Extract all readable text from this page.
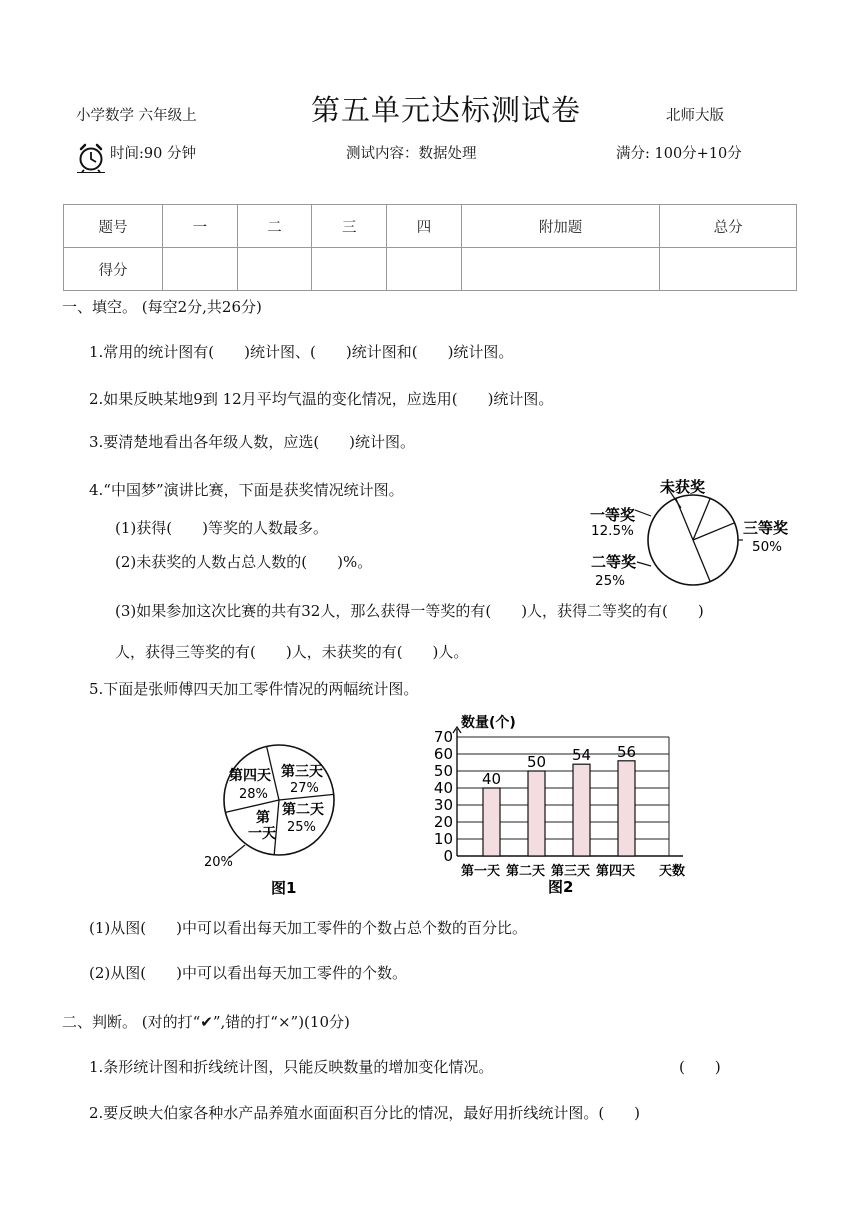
小学数学 六年级上	第五单元达标测试卷	北师大版
时间:90 分钟	测试内容：数据处理	满分: 100分+10分
题号	一	二	三	四	附加题	总分
得分						
一、填空。 (每空2分,共26分)
1.常用的统计图有(　　)统计图、(　　)统计图和(　　)统计图。
2.如果反映某地9到 12月平均气温的变化情况，应选用(　　)统计图。
3.要清楚地看出各年级人数，应选(　　)统计图。
4.“中国梦”演讲比赛，下面是获奖情况统计图。
(1)获得(　　)等奖的人数最多。
(2)未获奖的人数占总人数的(　　)%。
(3)如果参加这次比赛的共有32人，那么获得一等奖的有(　　)人，获得二等奖的有(　　)
人，获得三等奖的有(　　)人，未获奖的有(　　)人。
5.下面是张师傅四天加工零件情况的两幅统计图。
未获奖
一等奖
12.5%
二等奖
25%
三等奖
50%
第三天
27%
第四天
28%
第二天
25%
第
一天
20%
图1
数量(个)
40
50 54 56
0
10
20
30
40
50
60
70
第一天 第二天 第三天 第四天 天数
图2
(1)从图(　　)中可以看出每天加工零件的个数占总个数的百分比。
(2)从图(　　)中可以看出每天加工零件的个数。
二、判断。 (对的打“✔”,错的打“×”)(10分)
1.条形统计图和折线统计图，只能反映数量的增加变化情况。	(　　)
2.要反映大伯家各种水产品养殖水面面积百分比的情况，最好用折线统计图。(　　)
